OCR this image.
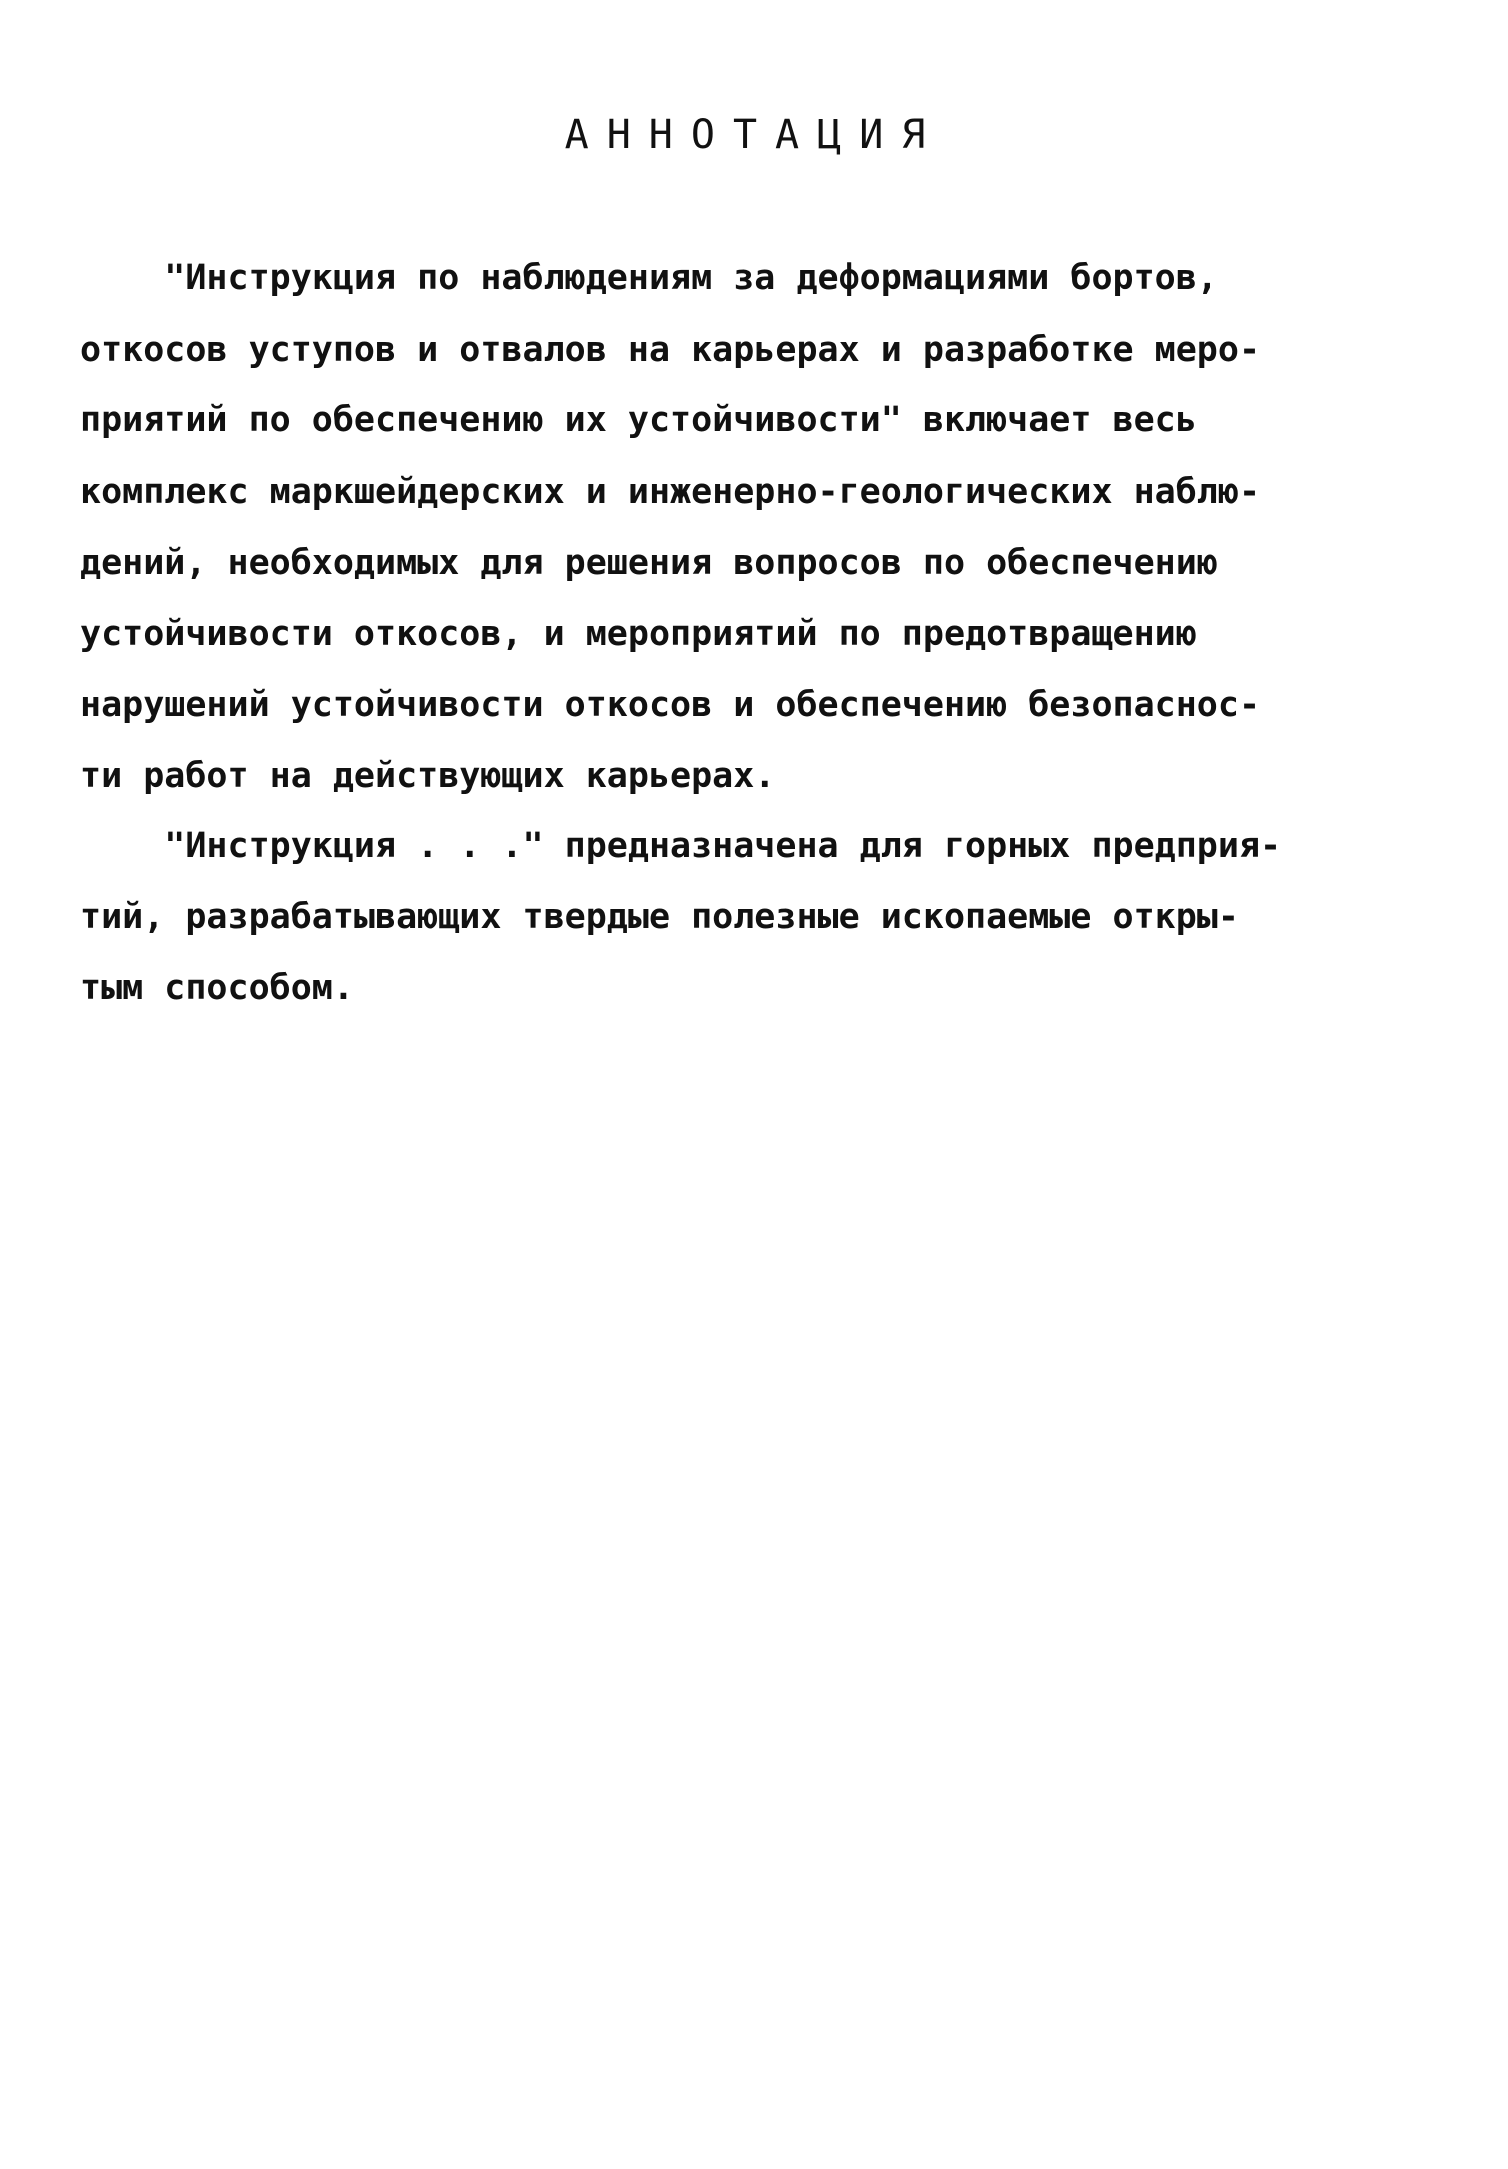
АННОТАЦИЯ
"Инструкция по наблюдениям за деформациями бортов,
откосов уступов и отвалов на карьерах и разработке меро-
приятий по обеспечению их устойчивости" включает весь
комплекс маркшейдерских и инженерно-геологических наблю-
дений, необходимых для решения вопросов по обеспечению
устойчивости откосов, и мероприятий по предотвращению
нарушений устойчивости откосов и обеспечению безопаснос-
ти работ на действующих карьерах.
"Инструкция . . ." предназначена для горных предприя-
тий, разрабатывающих твердые полезные ископаемые откры-
тым способом.
